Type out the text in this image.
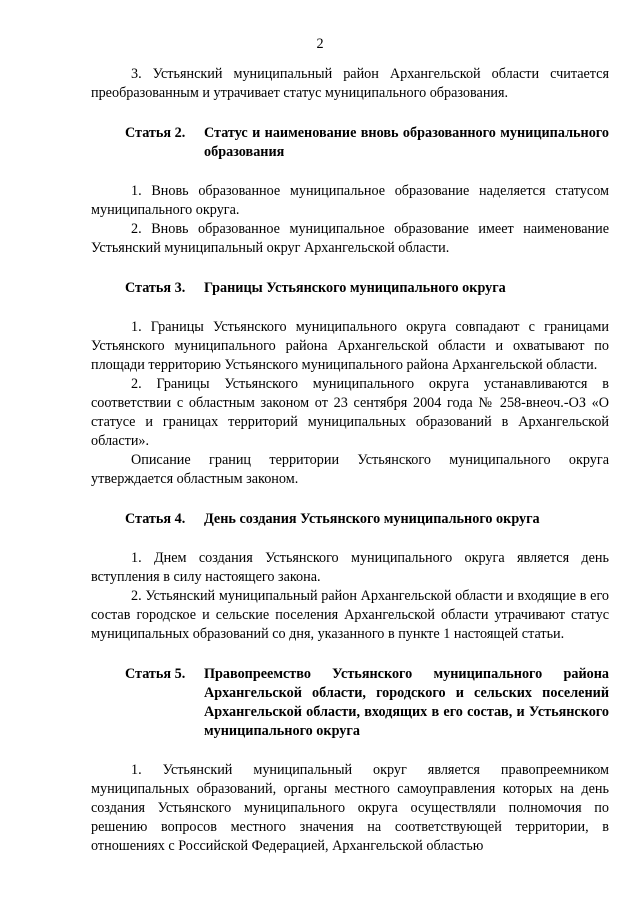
2

3. Устьянский муниципальный район Архангельской области считается преобразованным и утрачивает статус муниципального образования.

Статья 2.	Статус и наименование вновь образованного муниципального образования

1. Вновь образованное муниципальное образование наделяется статусом муниципального округа.

2. Вновь образованное муниципальное образование имеет наименование Устьянский муниципальный округ Архангельской области.

Статья 3.	Границы Устьянского муниципального округа

1. Границы Устьянского муниципального округа совпадают с границами Устьянского муниципального района Архангельской области и охватывают по площади территорию Устьянского муниципального района Архангельской области.

2. Границы Устьянского муниципального округа устанавливаются в соответствии с областным законом от 23 сентября 2004 года № 258-внеоч.-ОЗ «О статусе и границах территорий муниципальных образований в Архангельской области».

Описание границ территории Устьянского муниципального округа утверждается областным законом.

Статья 4.	День создания Устьянского муниципального округа

1. Днем создания Устьянского муниципального округа является день вступления в силу настоящего закона.

2. Устьянский муниципальный район Архангельской области и входящие в его состав городское и сельские поселения Архангельской области утрачивают статус муниципальных образований со дня, указанного в пункте 1 настоящей статьи.

Статья 5.	Правопреемство Устьянского муниципального района Архангельской области, городского и сельских поселений Архангельской области, входящих в его состав, и Устьянского муниципального округа

1. Устьянский муниципальный округ является правопреемником муниципальных образований, органы местного самоуправления которых на день создания Устьянского муниципального округа осуществляли полномочия по решению вопросов местного значения на соответствующей территории, в отношениях с Российской Федерацией, Архангельской областью
